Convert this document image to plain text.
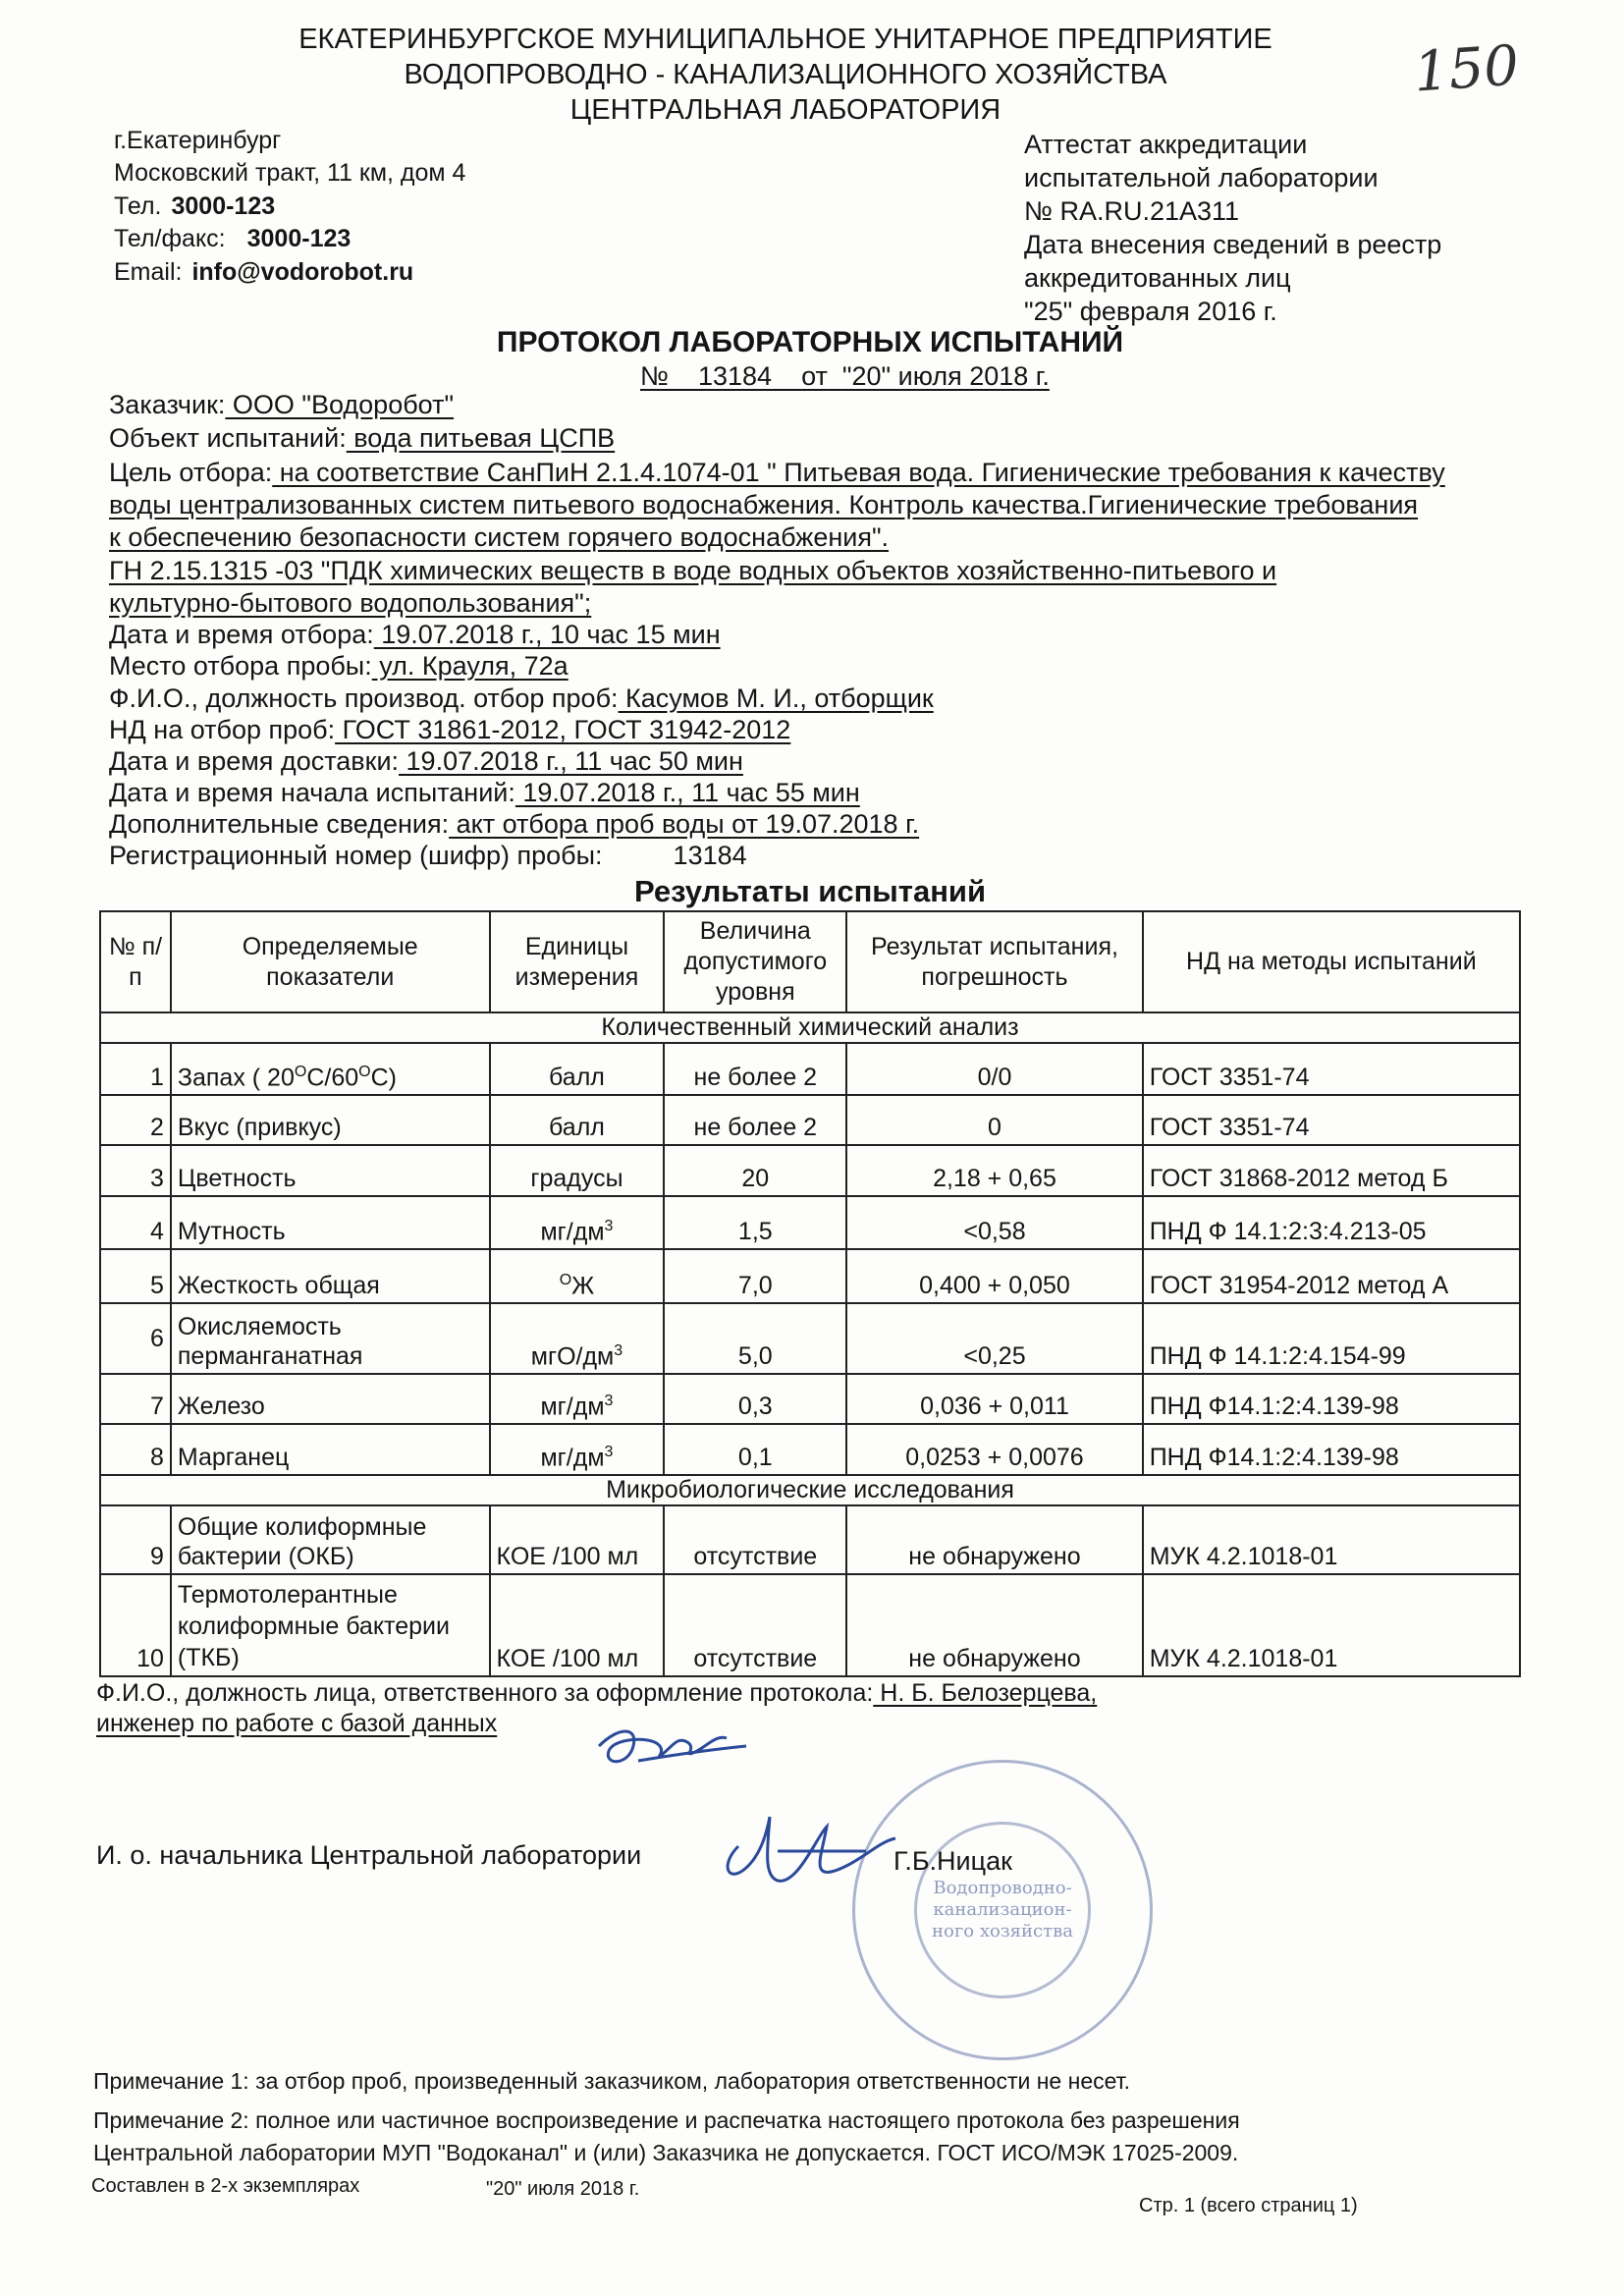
150
ЕКАТЕРИНБУРГСКОЕ МУНИЦИПАЛЬНОЕ УНИТАРНОЕ ПРЕДПРИЯТИЕ
ВОДОПРОВОДНО - КАНАЛИЗАЦИОННОГО ХОЗЯЙСТВА
ЦЕНТРАЛЬНАЯ ЛАБОРАТОРИЯ
г.Екатеринбург
Московский тракт, 11 км, дом 4
Тел. 3000-123
Тел/факс: 3000-123
Email: info@vodorobot.ru
Аттестат аккредитации
испытательной лаборатории
№ RA.RU.21A311
Дата внесения сведений в реестр
аккредитованных лиц
"25" февраля 2016 г.
ПРОТОКОЛ ЛАБОРАТОРНЫХ ИСПЫТАНИЙ
№ 13184 от "20" июля 2018 г.
Заказчик: ООО "Водоробот"
Объект испытаний: вода питьевая ЦСПВ
Цель отбора: на соответствие СанПиН 2.1.4.1074-01 " Питьевая вода. Гигиенические требования к качеству
воды централизованных систем питьевого водоснабжения. Контроль качества.Гигиенические требования
к обеспечению безопасности систем горячего водоснабжения".
ГН 2.15.1315 -03 "ПДК химических веществ в воде водных объектов хозяйственно-питьевого и
культурно-бытового водопользования";
Дата и время отбора: 19.07.2018 г., 10 час 15 мин
Место отбора пробы: ул. Крауля, 72а
Ф.И.О., должность производ. отбор проб: Касумов М. И., отборщик
НД на отбор проб: ГОСТ 31861-2012, ГОСТ 31942-2012
Дата и время доставки: 19.07.2018 г., 11 час 50 мин
Дата и время начала испытаний: 19.07.2018 г., 11 час 55 мин
Дополнительные сведения: акт отбора проб воды от 19.07.2018 г.
Регистрационный номер (шифр) пробы:	13184
Результаты испытаний
№ п/п	Определяемые показатели	Единицы измерения	Величина допустимого уровня	Результат испытания, погрешность	НД на методы испытаний
Количественный химический анализ					
1	Запах ( $20^OС/60^OС$)	балл	не более 2	0/0	ГОСТ 3351-74
2	Вкус (привкус)	балл	не более 2	0	ГОСТ 3351-74
3	Цветность	градусы	20	2,18 + 0,65	ГОСТ 31868-2012 метод Б
4	Мутность	$мг/дм^3$	1,5	<0,58	ПНД Ф 14.1:2:3:4.213-05
5	Жесткость общая	$^O$Ж	7,0	0,400 + 0,050	ГОСТ 31954-2012 метод А
6	Окисляемость перманганатная	мгО/$дм^3$	5,0	<0,25	ПНД Ф 14.1:2:4.154-99
7	Железо	$мг/дм^3$	0,3	0,036 + 0,011	ПНД Ф14.1:2:4.139-98
8	Марганец	$мг/дм^3$	0,1	0,0253 + 0,0076	ПНД Ф14.1:2:4.139-98
Микробиологические исследования					
9	Общие колиформные бактерии (ОКБ)	КОЕ /100 мл	отсутствие	не обнаружено	МУК 4.2.1018-01
10	Термотолерантные колиформные бактерии (ТКБ)	КОЕ /100 мл	отсутствие	не обнаружено	МУК 4.2.1018-01
Ф.И.О., должность лица, ответственного за оформление протокола: Н. Б. Белозерцева,
инженер по работе с базой данных
Водопроводно-канализацион-ного хозяйства
И. о. начальника Центральной лаборатории	Г.Б.Ницак
Примечание 1: за отбор проб, произведенный заказчиком, лаборатория ответственности не несет.
Примечание 2: полное или частичное воспроизведение и распечатка настоящего протокола без разрешения
Центральной лаборатории МУП "Водоканал" и (или) Заказчика не допускается. ГОСТ ИСО/МЭК 17025-2009.
Составлен в 2-х экземплярах	"20" июля 2018 г.
Стр. 1 (всего страниц 1)
